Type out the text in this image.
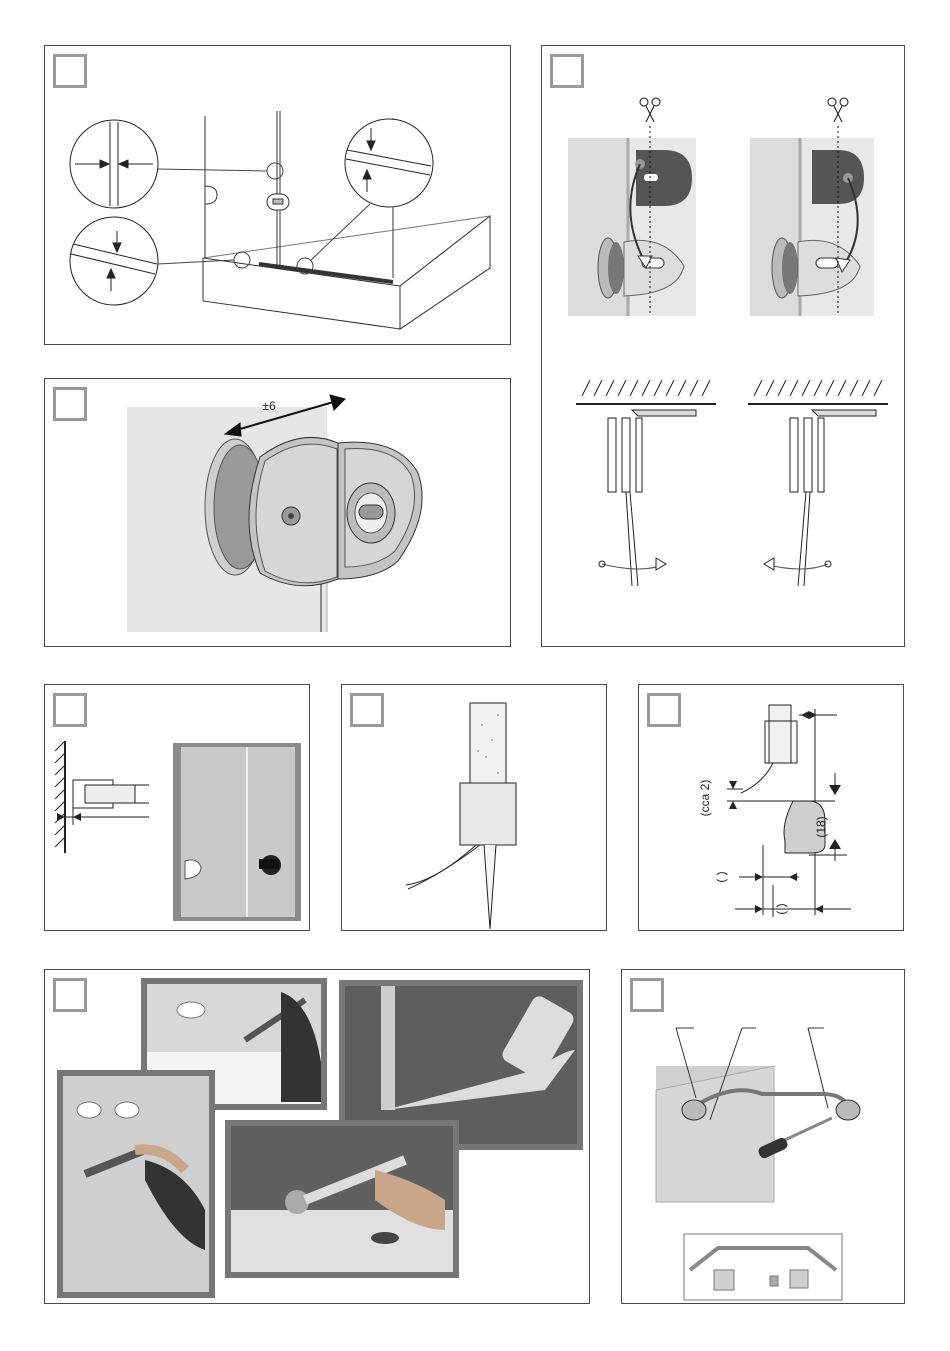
±6
(cca 2)
(18)
( )
( )
